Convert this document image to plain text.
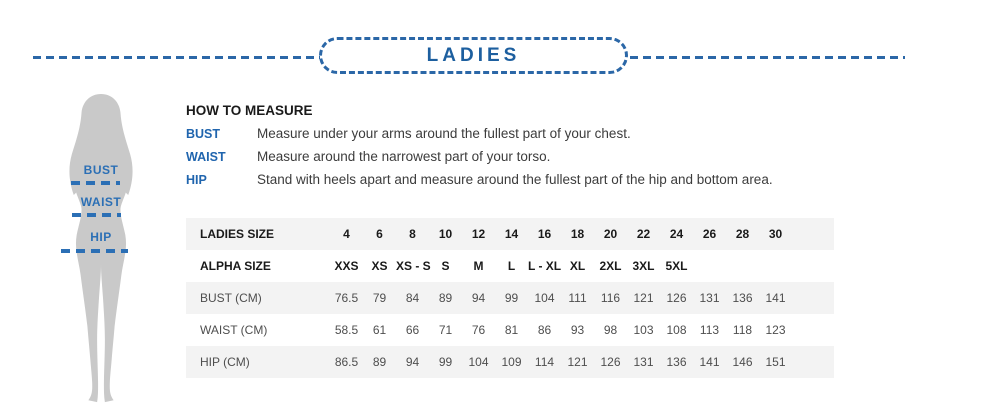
LADIES
BUST
WAIST
HIP
HOW TO MEASURE
BUST	Measure under your arms around the fullest part of your chest.
WAIST	Measure around the narrowest part of your torso.
HIP	Stand with heels apart and measure around the fullest part of the hip and bottom area.
LADIES SIZE	4	6	8	10	12	14	16	18	20	22	24	26	28	30	
ALPHA SIZE	XXS	XS	XS - S	S	M	L	L - XL	XL	2XL	3XL	5XL				
BUST (CM)	76.5	79	84	89	94	99	104	111	116	121	126	131	136	141	
WAIST (CM)	58.5	61	66	71	76	81	86	93	98	103	108	113	118	123	
HIP (CM)	86.5	89	94	99	104	109	114	121	126	131	136	141	146	151	
